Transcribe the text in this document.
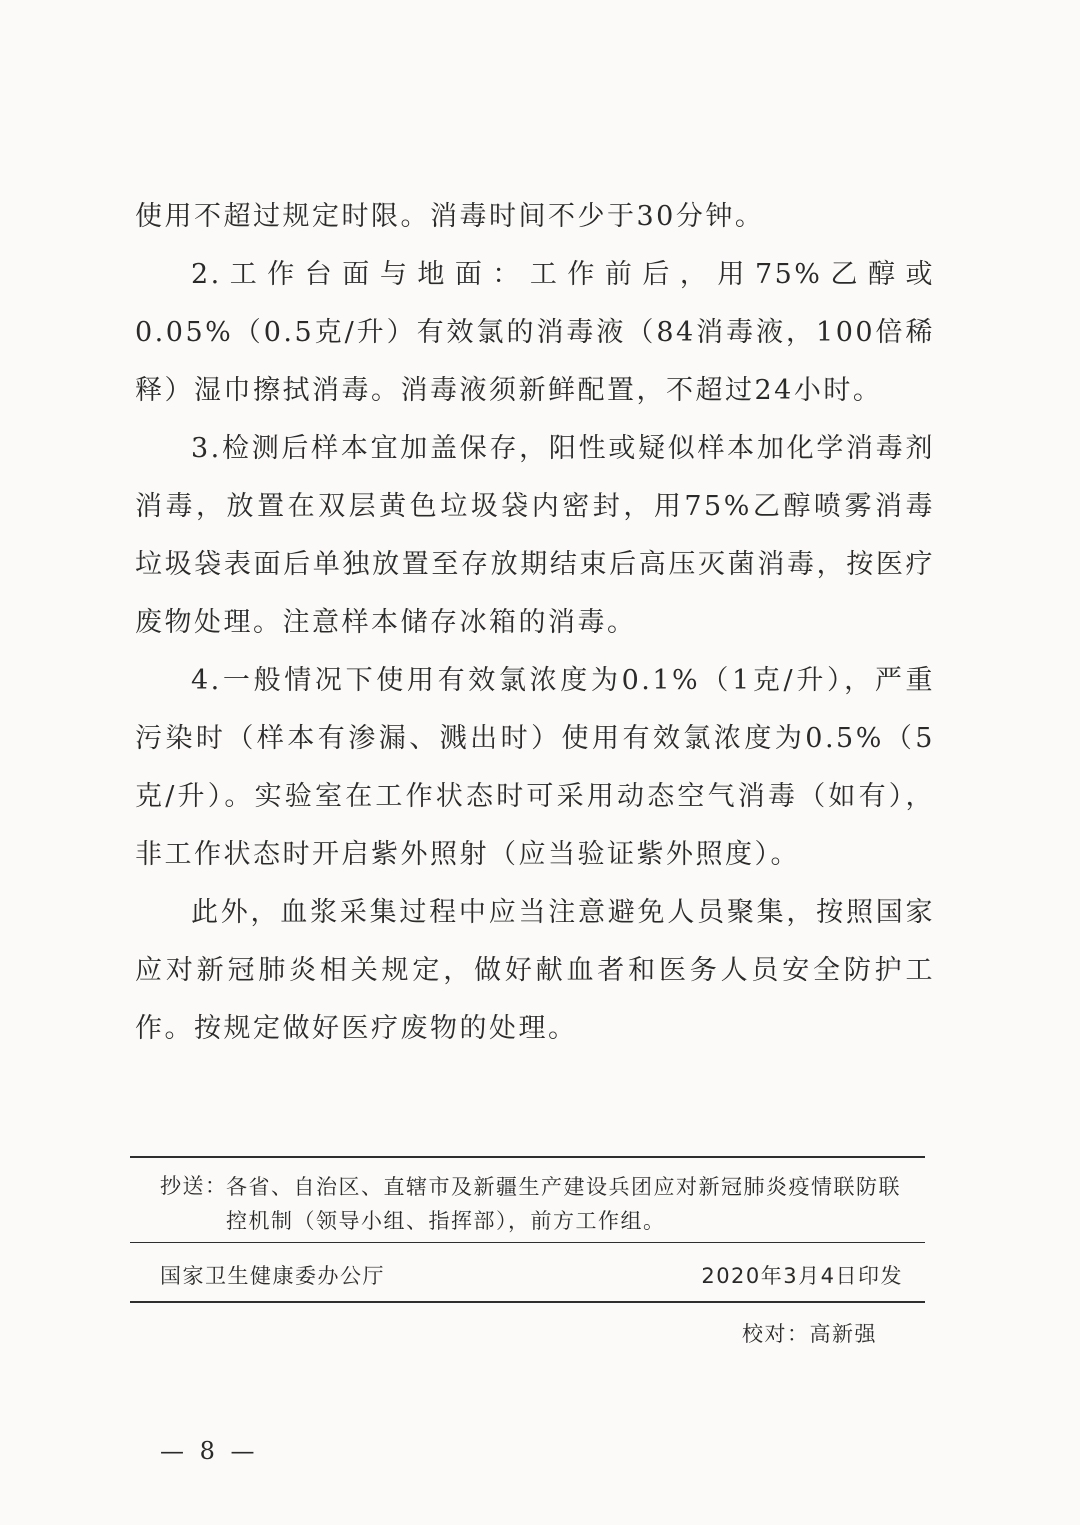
使用不超过规定时限。消毒时间不少于30分钟。

2.工作台面与地面：工作前后，用75%乙醇或0.05%（0.5克/升）有效氯的消毒液（84消毒液，100倍稀释）湿巾擦拭消毒。消毒液须新鲜配置，不超过24小时。

3.检测后样本宜加盖保存，阳性或疑似样本加化学消毒剂消毒，放置在双层黄色垃圾袋内密封，用75%乙醇喷雾消毒垃圾袋表面后单独放置至存放期结束后高压灭菌消毒，按医疗废物处理。注意样本储存冰箱的消毒。

4.一般情况下使用有效氯浓度为0.1%（1克/升），严重污染时（样本有渗漏、溅出时）使用有效氯浓度为0.5%（5克/升）。实验室在工作状态时可采用动态空气消毒（如有），非工作状态时开启紫外照射（应当验证紫外照度）。

此外，血浆采集过程中应当注意避免人员聚集，按照国家应对新冠肺炎相关规定，做好献血者和医务人员安全防护工作。按规定做好医疗废物的处理。

抄送：
各省、自治区、直辖市及新疆生产建设兵团应对新冠肺炎疫情联防联控机制（领导小组、指挥部），前方工作组。
国家卫生健康委办公厅	2020年3月4日印发
校对：高新强
— 8 —
